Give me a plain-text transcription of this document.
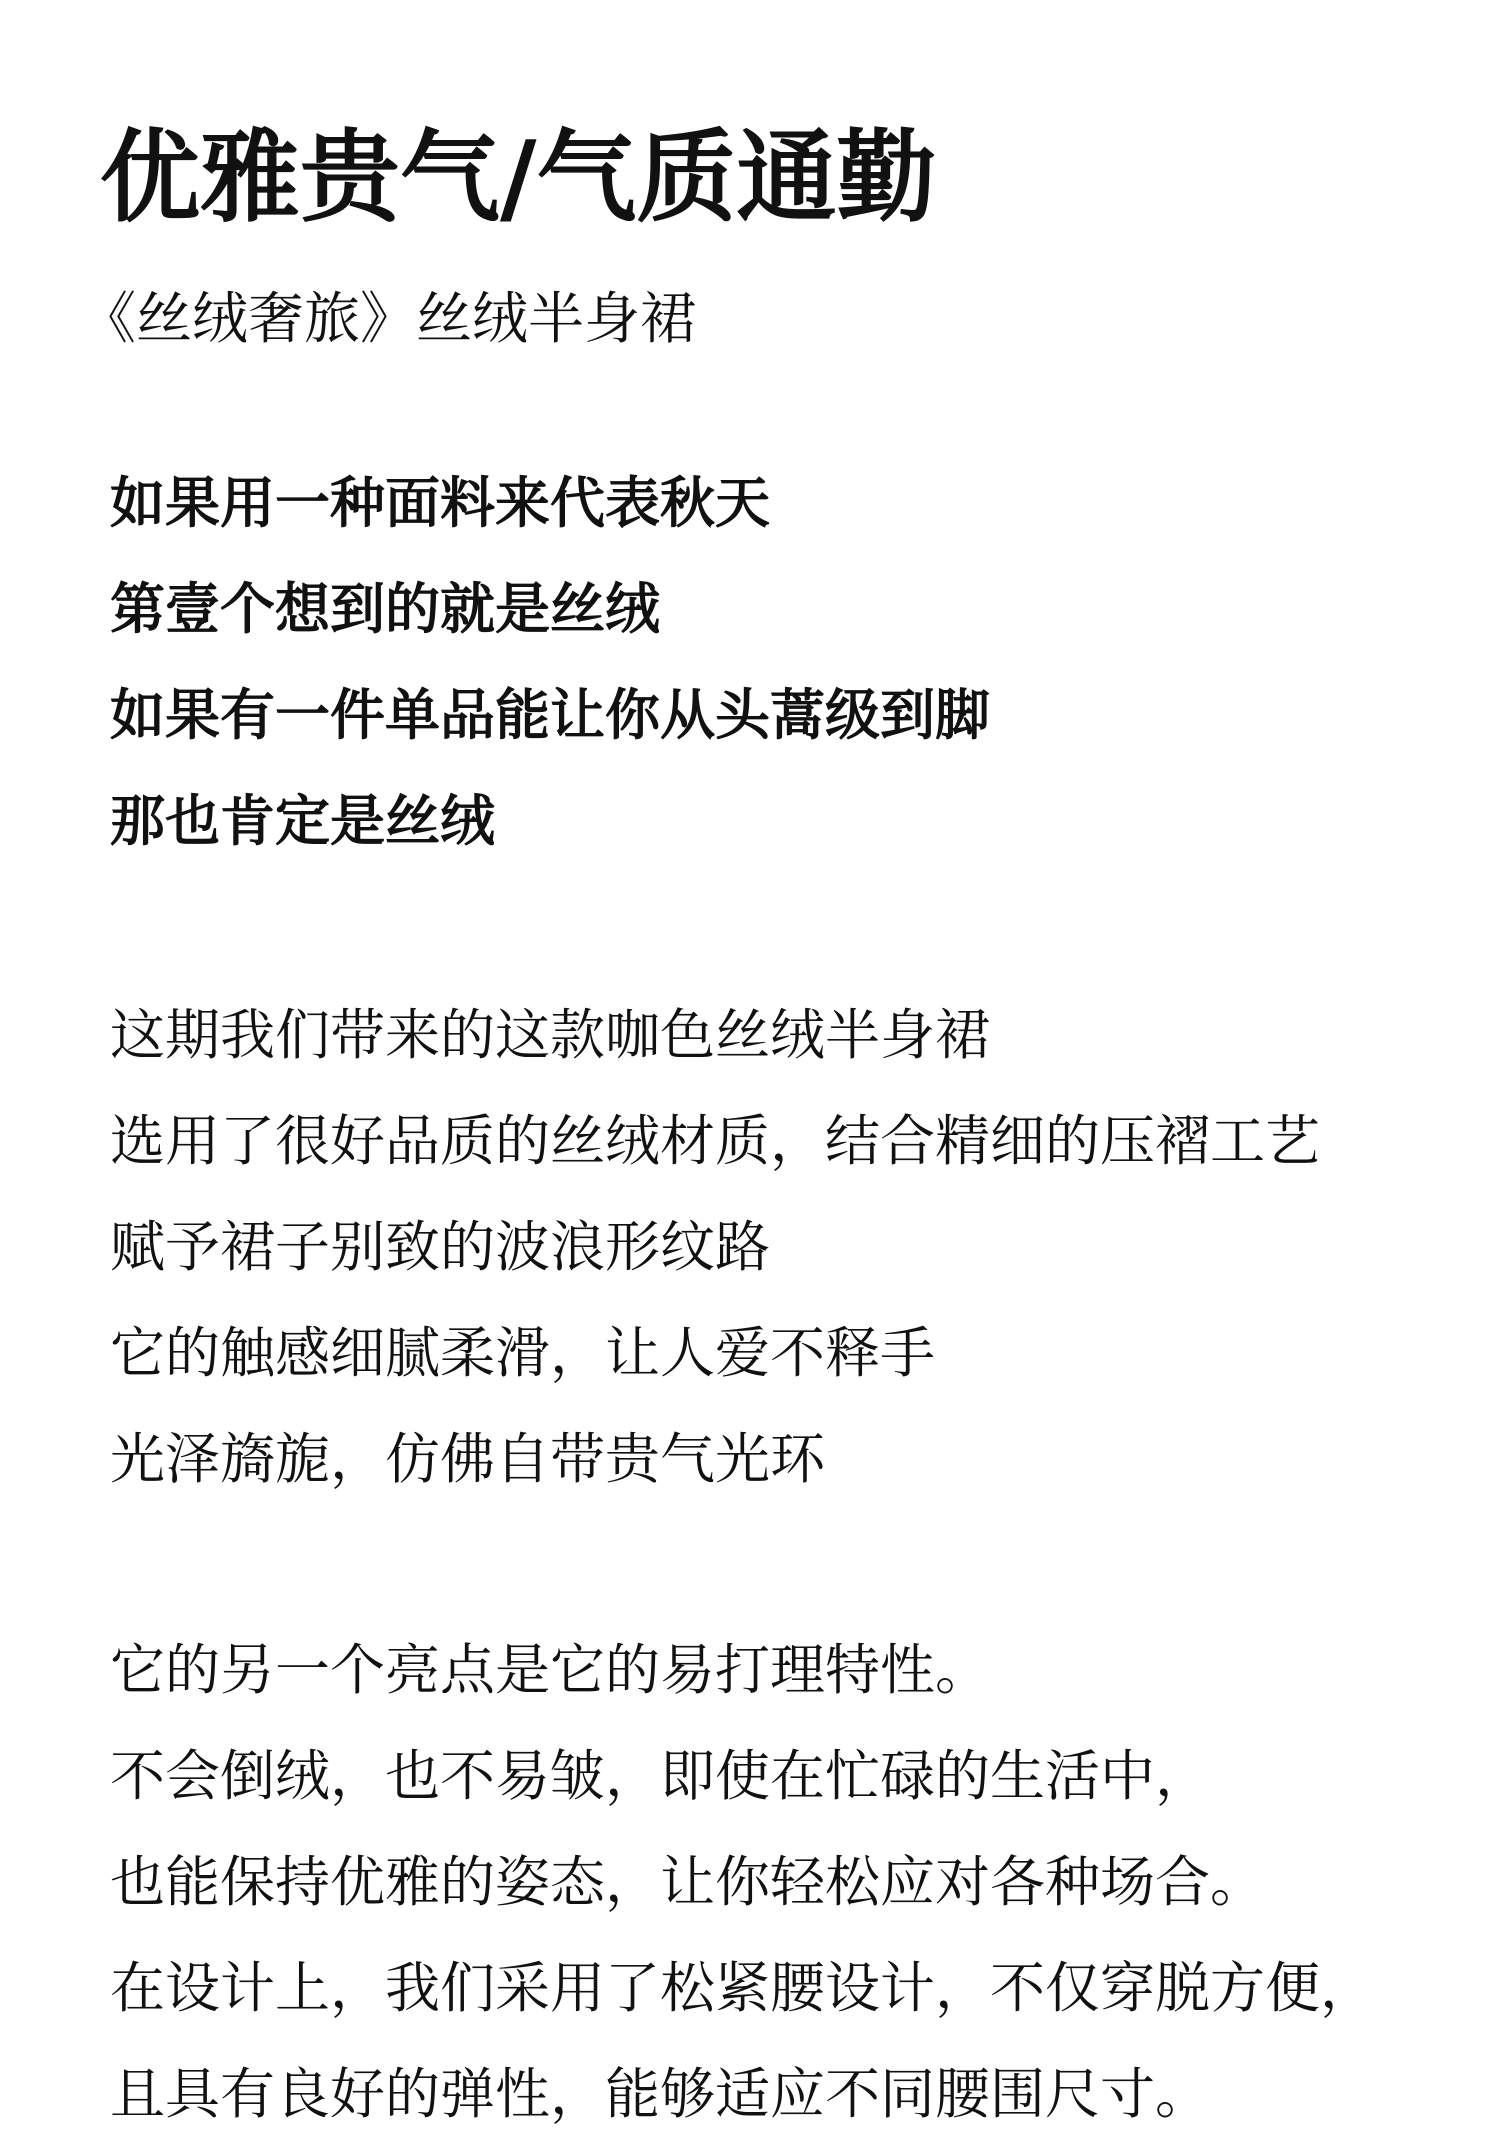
优雅贵气/气质通勤
《丝绒奢旅》丝绒半身裙
如果用一种面料来代表秋天
第壹个想到的就是丝绒
如果有一件单品能让你从头蒿级到脚
那也肯定是丝绒
这期我们带来的这款咖色丝绒半身裙
选用了很好品质的丝绒材质，结合精细的压褶工艺
赋予裙子别致的波浪形纹路
它的触感细腻柔滑，让人爱不释手
光泽旖旎，仿佛自带贵气光环
它的另一个亮点是它的易打理特性。
不会倒绒，也不易皱，即使在忙碌的生活中，
也能保持优雅的姿态，让你轻松应对各种场合。
在设计上，我们采用了松紧腰设计，不仅穿脱方便，
且具有良好的弹性，能够适应不同腰围尺寸。
